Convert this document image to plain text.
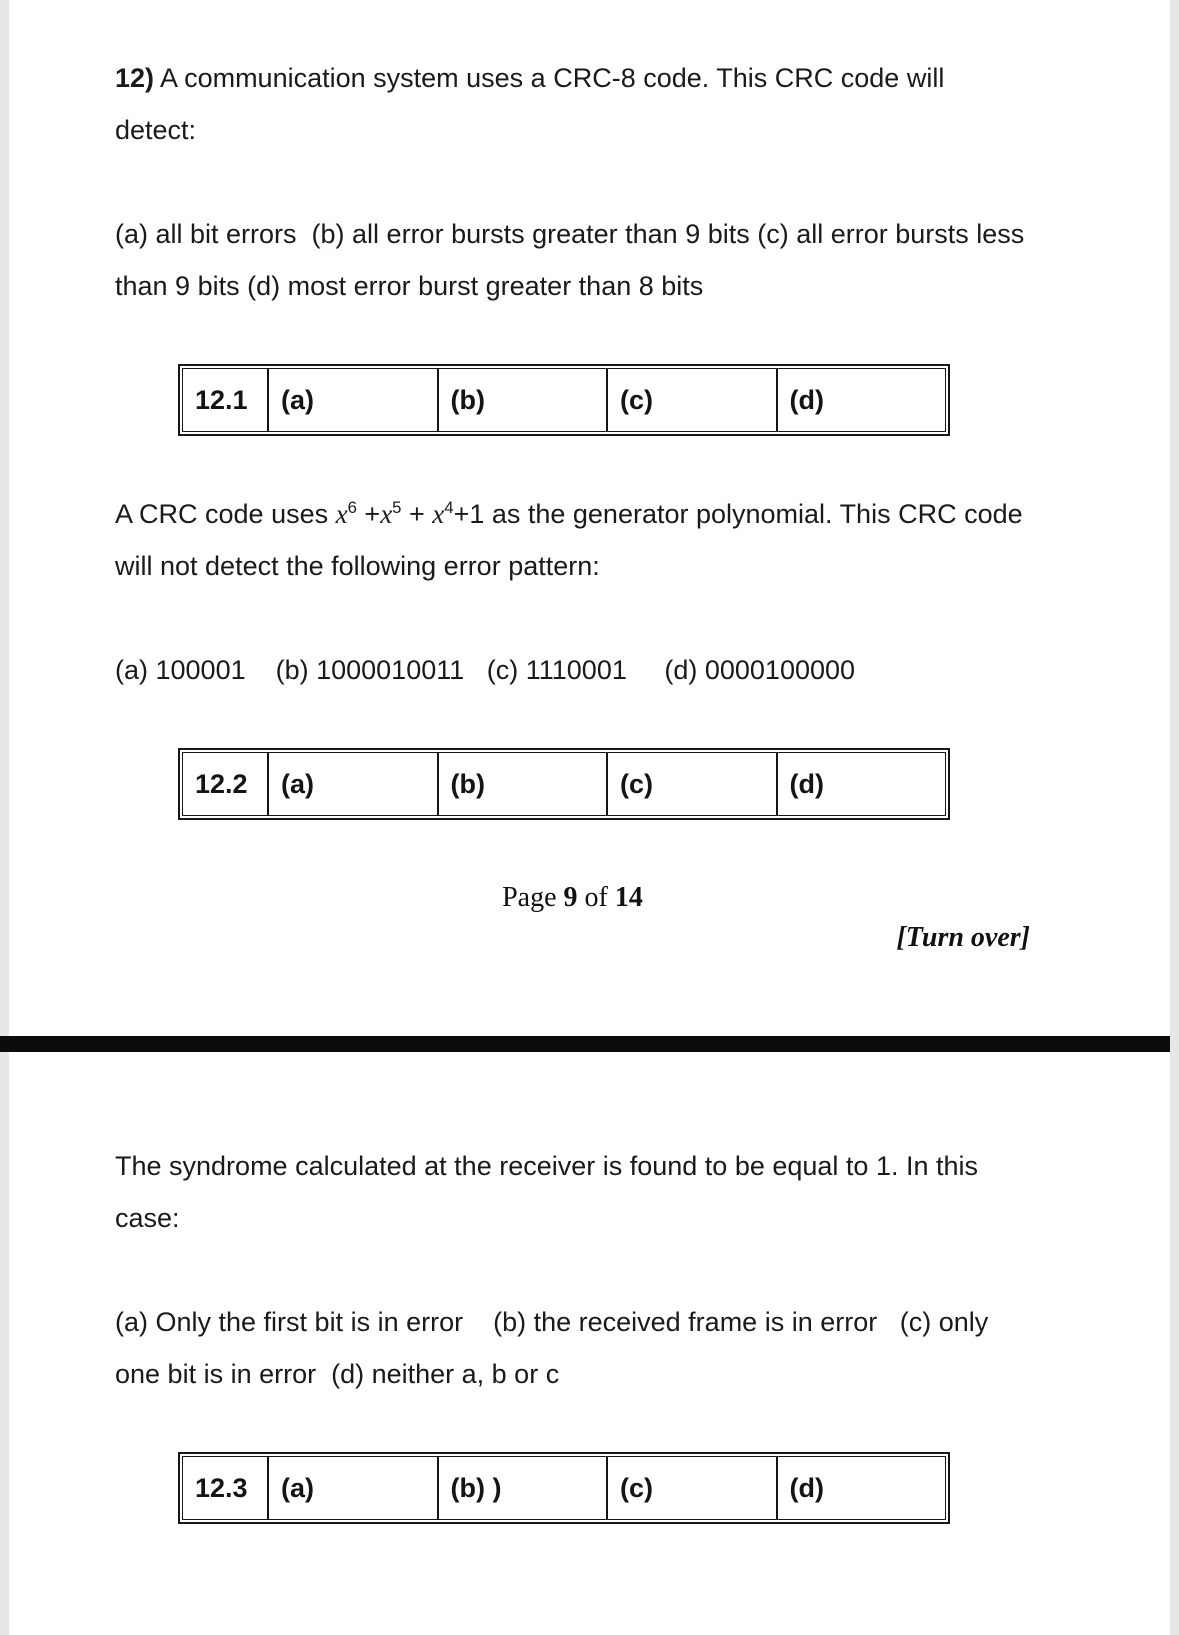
12) A communication system uses a CRC-8 code. This CRC code will detect:

(a) all bit errors  (b) all error bursts greater than 9 bits (c) all error bursts less than 9 bits (d) most error burst greater than 8 bits

12.1	(a)	(b)	(c)	(d)

A CRC code uses $x^6 +x^5 + x^4+1$ as the generator polynomial. This CRC code will not detect the following error pattern:

(a) 100001    (b) 1000010011   (c) 1110001     (d) 0000100000

12.2	(a)	(b)	(c)	(d)
Page 9 of 14
[Turn over]

The syndrome calculated at the receiver is found to be equal to 1. In this case:

(a) Only the first bit is in error    (b) the received frame is in error   (c) only one bit is in error  (d) neither a, b or c

12.3	(a)	(b) )	(c)	(d)
